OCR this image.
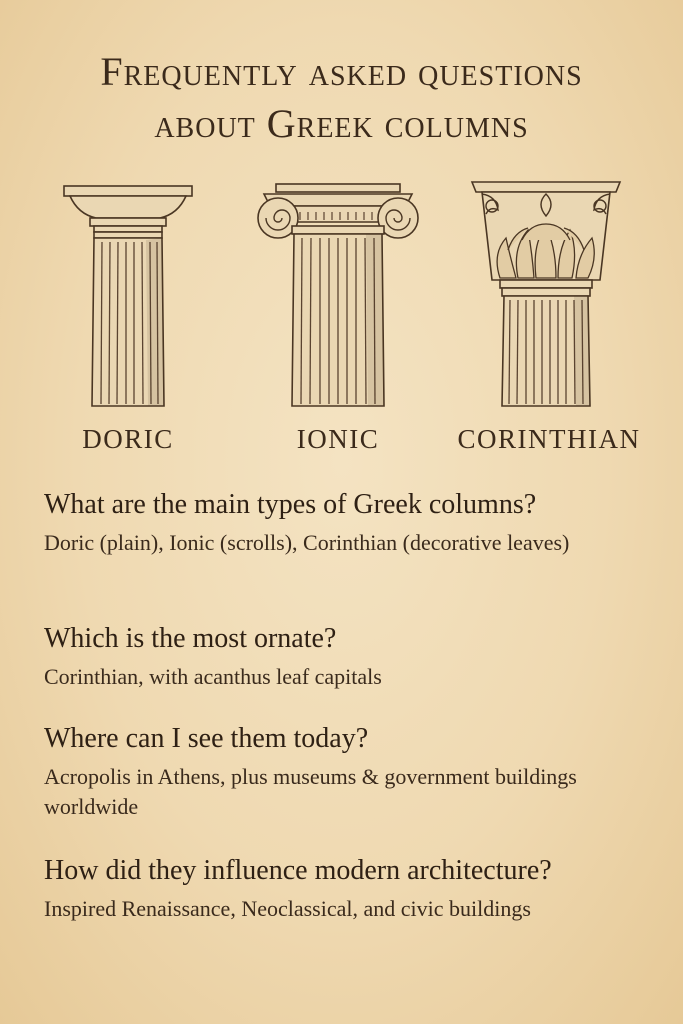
Frequently asked questions
about Greek columns
DORIC	IONIC	CORINTHIAN

What are the main types of Greek columns?

Doric (plain), Ionic (scrolls), Corinthian (decorative leaves)

Which is the most ornate?

Corinthian, with acanthus leaf capitals

Where can I see them today?

Acropolis in Athens, plus museums & government buildings worldwide

How did they influence modern architecture?

Inspired Renaissance, Neoclassical, and civic buildings
